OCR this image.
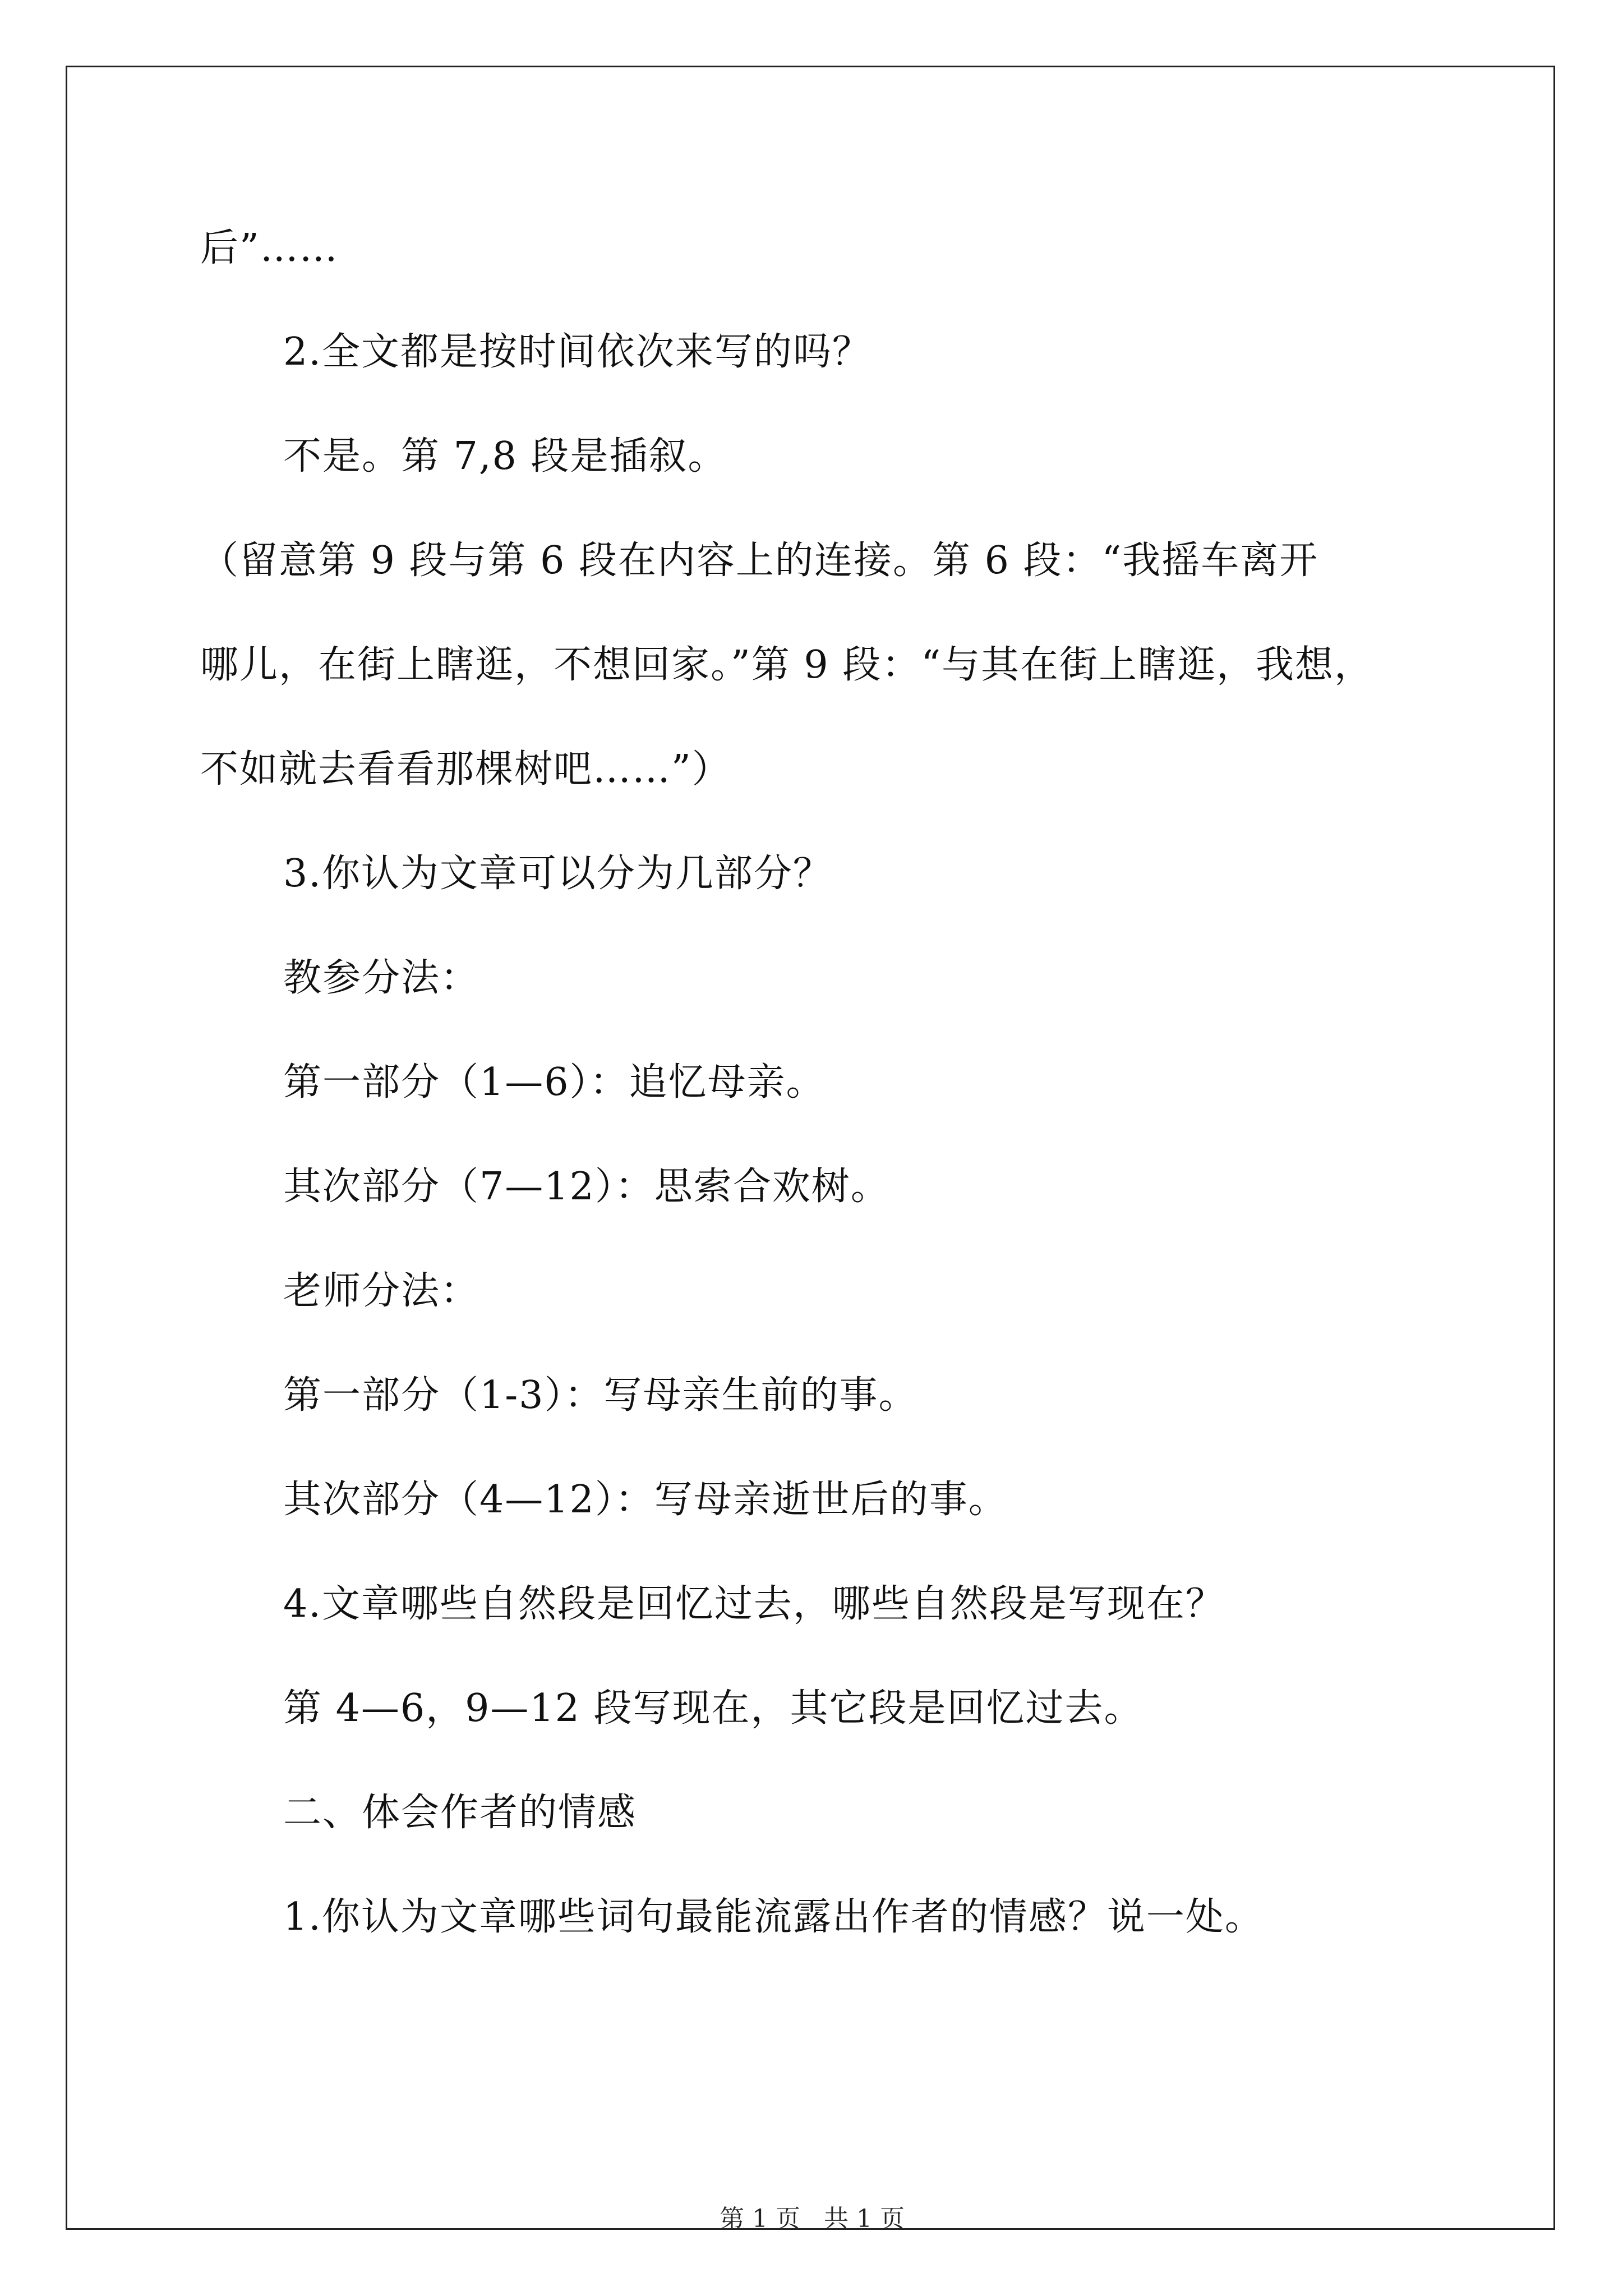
后”……
2.全文都是按时间依次来写的吗？
不是。第 7,8 段是插叙。
（留意第 9 段与第 6 段在内容上的连接。第 6 段：“我摇车离开
哪儿，在街上瞎逛，不想回家。”第 9 段：“与其在街上瞎逛，我想，
不如就去看看那棵树吧……”）
3.你认为文章可以分为几部分？
教参分法：
第一部分（1—6）：追忆母亲。
其次部分（7—12）：思索合欢树。
老师分法：
第一部分（1-3）：写母亲生前的事。
其次部分（4—12）：写母亲逝世后的事。
4.文章哪些自然段是回忆过去，哪些自然段是写现在？
第 4—6，9—12 段写现在，其它段是回忆过去。
二、体会作者的情感
1.你认为文章哪些词句最能流露出作者的情感？说一处。
第 1 页 共 1 页
